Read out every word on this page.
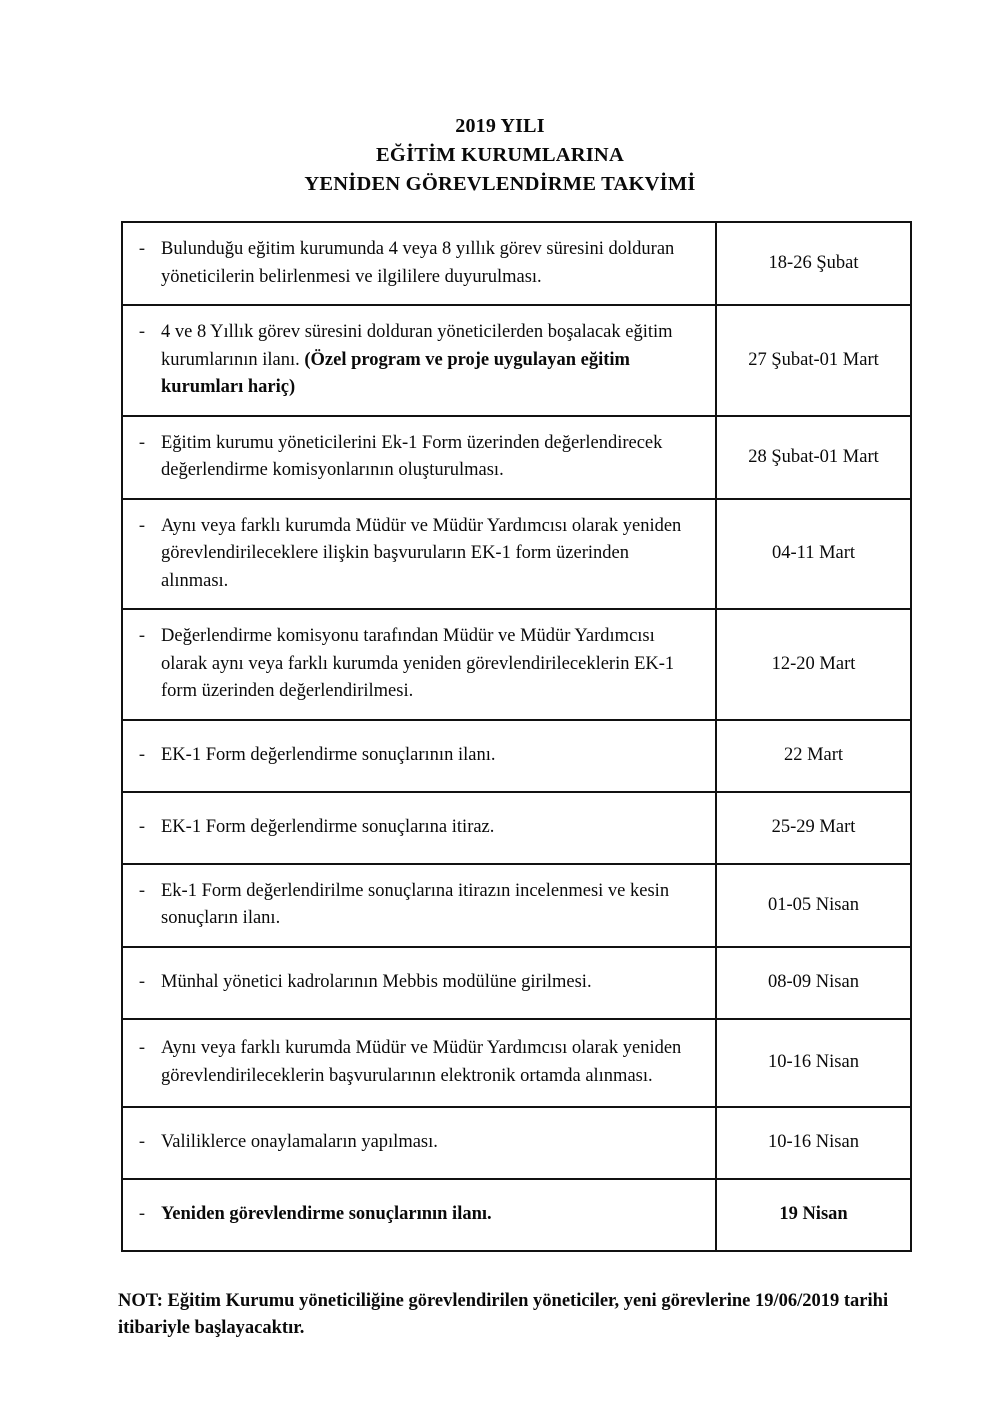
2019 YILI
EĞİTİM KURUMLARINA
YENİDEN GÖREVLENDİRME TAKVİMİ
- Bulunduğu eğitim kurumunda 4 veya 8 yıllık görev süresini dolduran yöneticilerin belirlenmesi ve ilgililere duyurulması.	18-26 Şubat

- 4 ve 8 Yıllık görev süresini dolduran yöneticilerden boşalacak eğitim kurumlarının ilanı. (Özel program ve proje uygulayan eğitim kurumları hariç)	27 Şubat-01 Mart

- Eğitim kurumu yöneticilerini Ek-1 Form üzerinden değerlendirecek değerlendirme komisyonlarının oluşturulması.	28 Şubat-01 Mart

- Aynı veya farklı kurumda Müdür ve Müdür Yardımcısı olarak yeniden görevlendirileceklere ilişkin başvuruların EK-1 form üzerinden alınması.	04-11 Mart

- Değerlendirme komisyonu tarafından Müdür ve Müdür Yardımcısı olarak aynı veya farklı kurumda yeniden görevlendirileceklerin EK-1 form üzerinden değerlendirilmesi.	12-20 Mart

- EK-1 Form değerlendirme sonuçlarının ilanı.	22 Mart

- EK-1 Form değerlendirme sonuçlarına itiraz.	25-29 Mart

- Ek-1 Form değerlendirilme sonuçlarına itirazın incelenmesi ve kesin sonuçların ilanı.	01-05 Nisan

- Münhal yönetici kadrolarının Mebbis modülüne girilmesi.	08-09 Nisan

- Aynı veya farklı kurumda Müdür ve Müdür Yardımcısı olarak yeniden görevlendirileceklerin başvurularının elektronik ortamda alınması.	10-16 Nisan

- Valiliklerce onaylamaların yapılması.	10-16 Nisan

- Yeniden görevlendirme sonuçlarının ilanı.	19 Nisan
NOT: Eğitim Kurumu yöneticiliğine görevlendirilen yöneticiler, yeni görevlerine 19/06/2019 tarihi itibariyle başlayacaktır.
